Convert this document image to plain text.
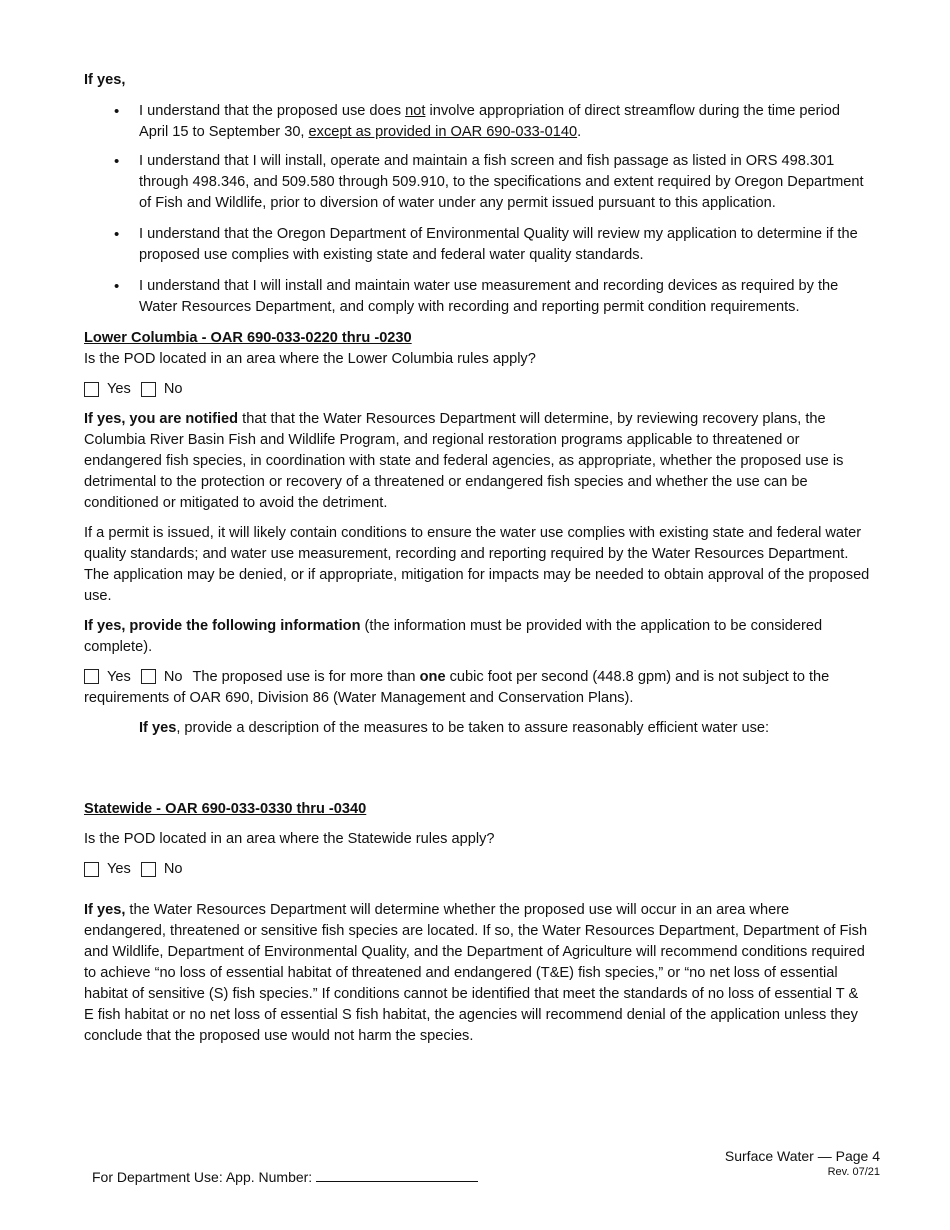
If yes,

• I understand that the proposed use does not involve appropriation of direct streamflow during the time period April 15 to September 30, except as provided in OAR 690-033-0140.
• I understand that I will install, operate and maintain a fish screen and fish passage as listed in ORS 498.301 through 498.346, and 509.580 through 509.910, to the specifications and extent required by Oregon Department of Fish and Wildlife, prior to diversion of water under any permit issued pursuant to this application.
• I understand that the Oregon Department of Environmental Quality will review my application to determine if the proposed use complies with existing state and federal water quality standards.
• I understand that I will install and maintain water use measurement and recording devices as required by the Water Resources Department, and comply with recording and reporting permit condition requirements.

Lower Columbia - OAR 690-033-0220 thru -0230

Is the POD located in an area where the Lower Columbia rules apply?

Yes No

If yes, you are notified that that the Water Resources Department will determine, by reviewing recovery plans, the Columbia River Basin Fish and Wildlife Program, and regional restoration programs applicable to threatened or endangered fish species, in coordination with state and federal agencies, as appropriate, whether the proposed use is detrimental to the protection or recovery of a threatened or endangered fish species and whether the use can be conditioned or mitigated to avoid the detriment.

If a permit is issued, it will likely contain conditions to ensure the water use complies with existing state and federal water quality standards; and water use measurement, recording and reporting required by the Water Resources Department. The application may be denied, or if appropriate, mitigation for impacts may be needed to obtain approval of the proposed use.

If yes, provide the following information (the information must be provided with the application to be considered complete).

Yes No The proposed use is for more than one cubic foot per second (448.8 gpm) and is not subject to the requirements of OAR 690, Division 86 (Water Management and Conservation Plans).

If yes, provide a description of the measures to be taken to assure reasonably efficient water use:

Statewide - OAR 690-033-0330 thru -0340

Is the POD located in an area where the Statewide rules apply?

Yes No

If yes, the Water Resources Department will determine whether the proposed use will occur in an area where endangered, threatened or sensitive fish species are located. If so, the Water Resources Department, Department of Fish and Wildlife, Department of Environmental Quality, and the Department of Agriculture will recommend conditions required to achieve “no loss of essential habitat of threatened and endangered (T&E) fish species,” or “no net loss of essential habitat of sensitive (S) fish species.” If conditions cannot be identified that meet the standards of no loss of essential T & E fish habitat or no net loss of essential S fish habitat, the agencies will recommend denial of the application unless they conclude that the proposed use would not harm the species.

Surface Water — Page 4
Rev. 07/21
For Department Use: App. Number:
